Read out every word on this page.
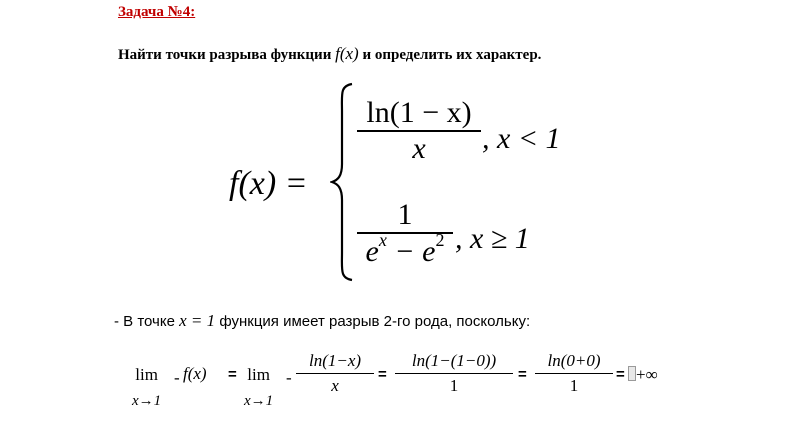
Задача №4:
Найти точки разрыва функции f(x) и определить их характер.
f(x) =
ln(1 − x)
x	, x < 1
1
$e^x - e^2$ , x ≥ 1
- В точке x = 1 функция имеет разрыв 2-го рода, поскольку:
lim
x→1
- f(x) = lim
x→1
-
ln(1−x)
x
=
ln(1−(1−0))
1
=
ln(0+0)
1
= +∞
